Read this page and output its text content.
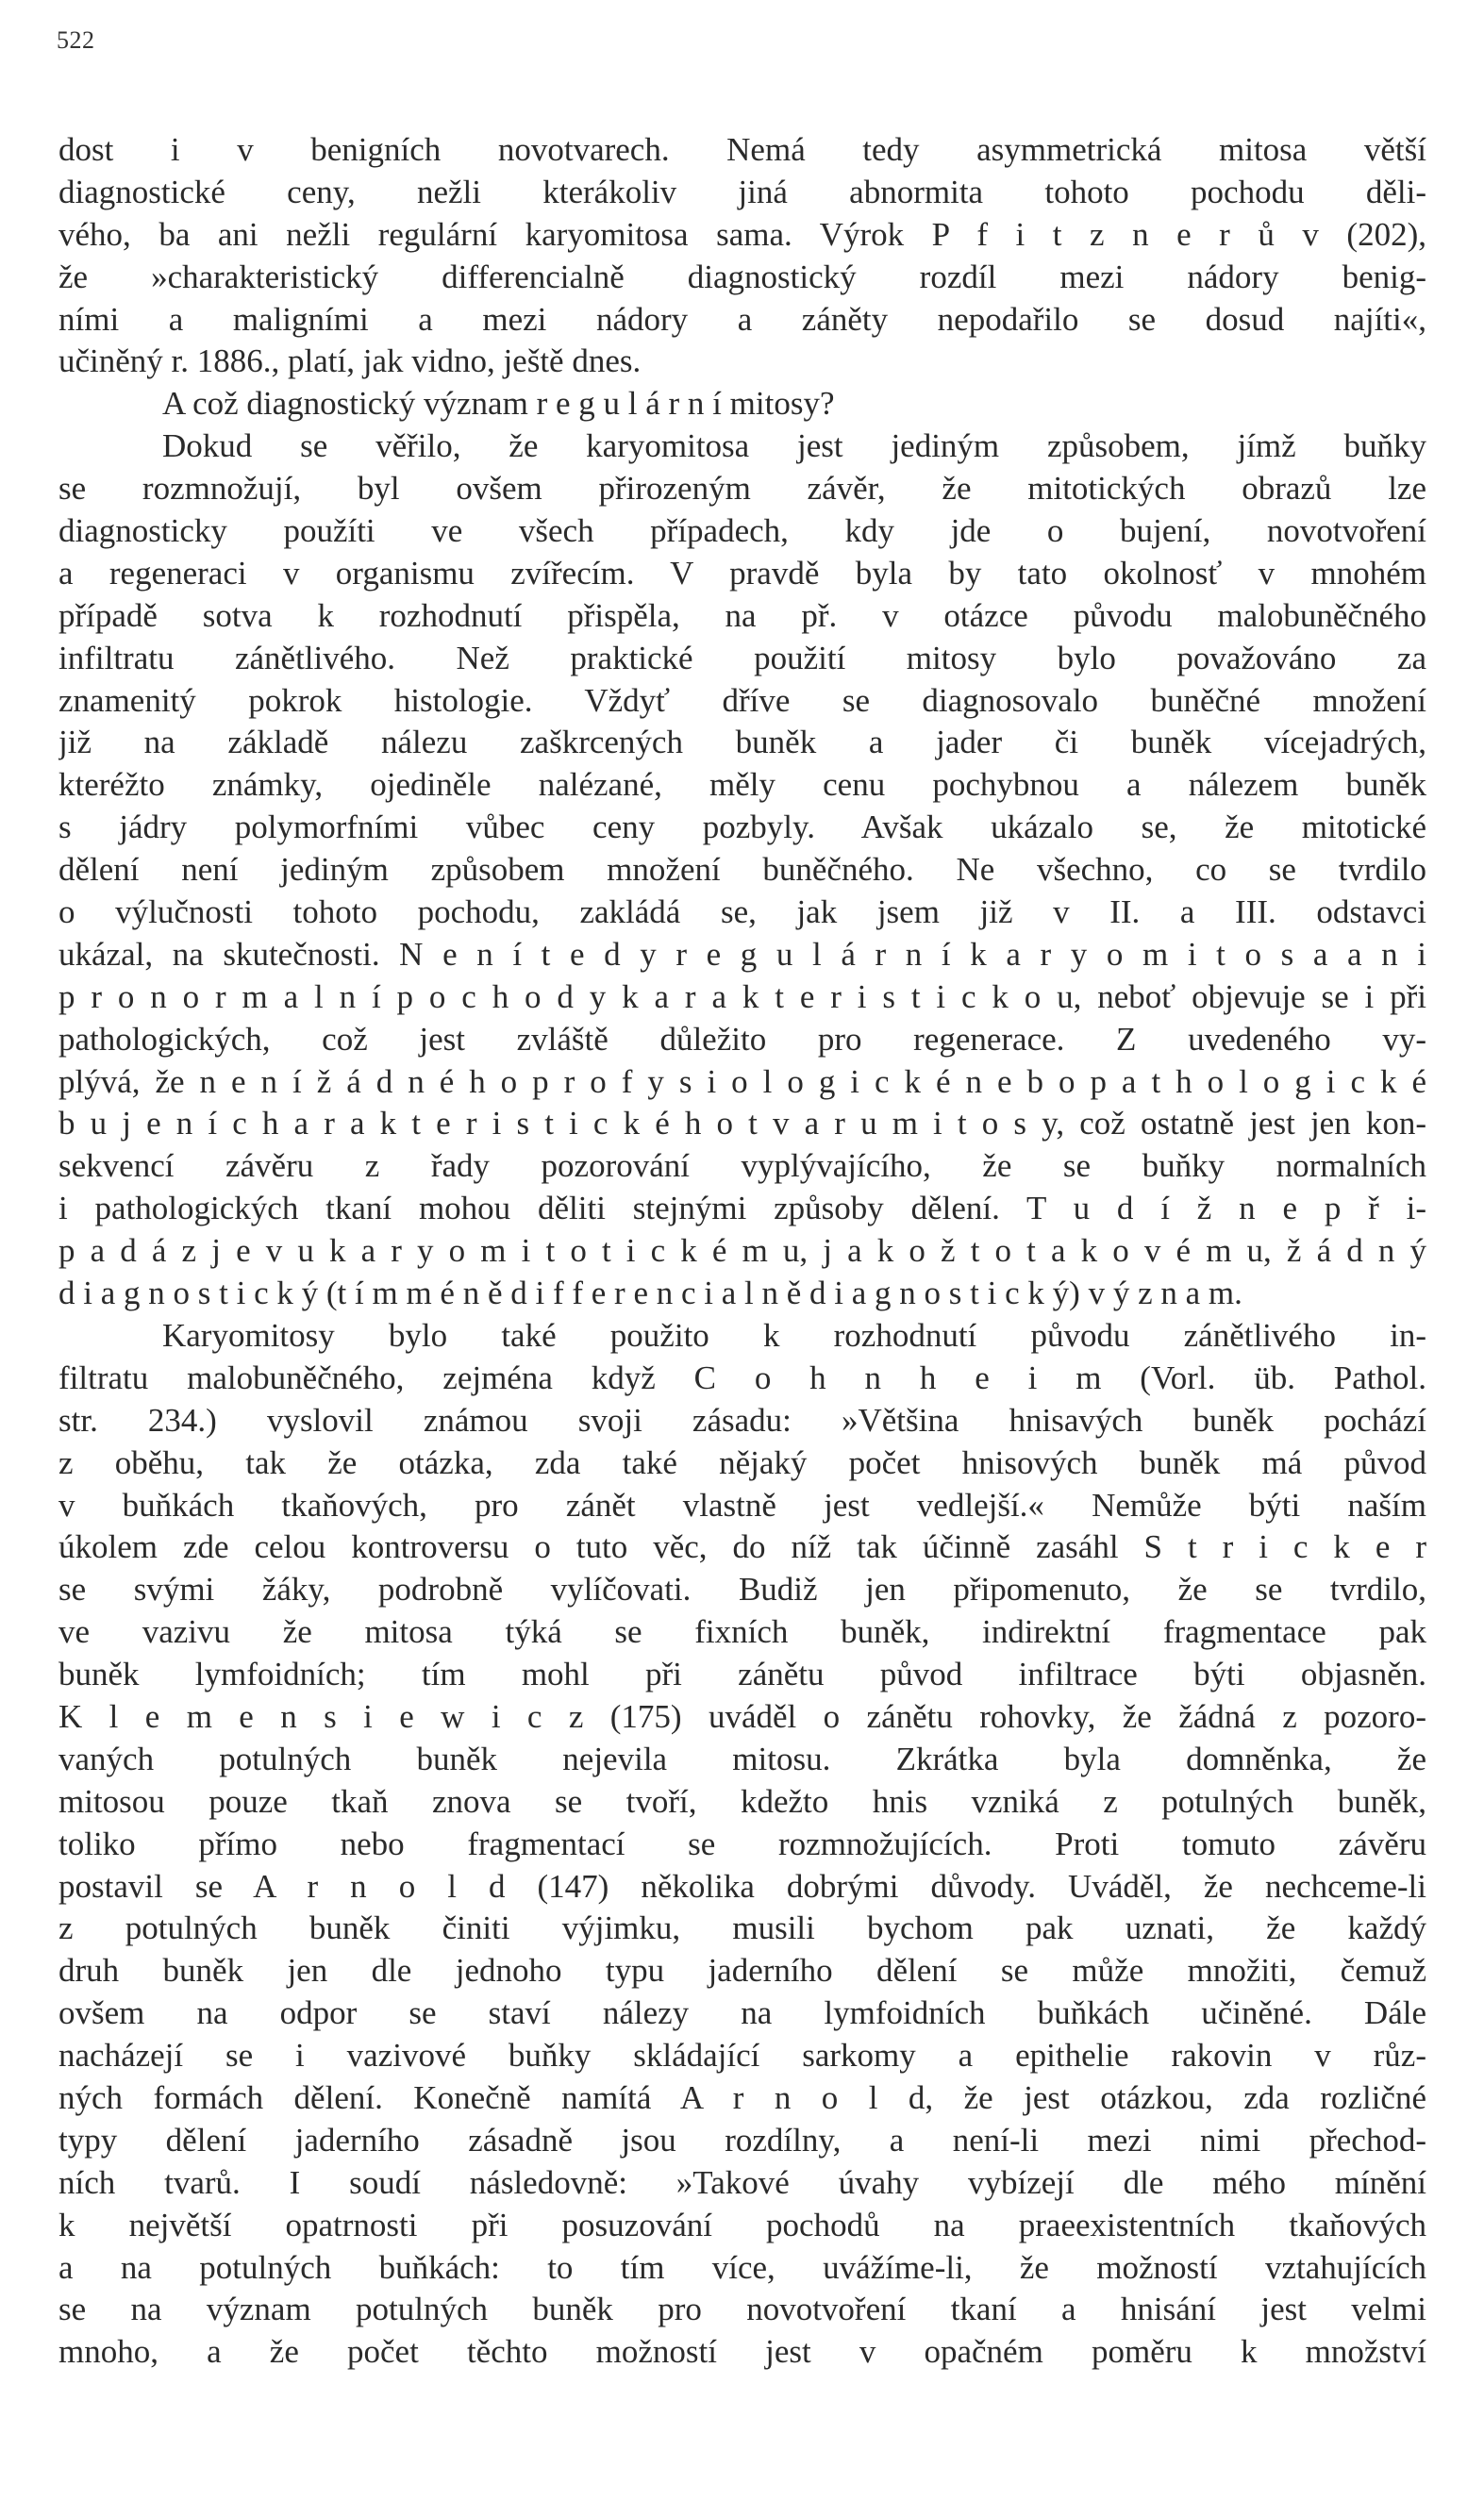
522
dost i v benigních novotvarech. Nemá tedy asymmetrická mitosa větší
diagnostické ceny, nežli kterákoliv jiná abnormita tohoto pochodu děli-
vého, ba ani nežli regulární karyomitosa sama. Výrok P f i t z n e r ů v (202),
že »charakteristický differencialně diagnostický rozdíl mezi nádory benig-
ními a maligními a mezi nádory a záněty nepodařilo se dosud najíti«,
učiněný r. 1886., platí, jak vidno, ještě dnes.
A což diagnostický význam r e g u l á r n í mitosy?
Dokud se věřilo, že karyomitosa jest jediným způsobem, jímž buňky
se rozmnožují, byl ovšem přirozeným závěr, že mitotických obrazů lze
diagnosticky použíti ve všech případech, kdy jde o bujení, novotvoření
a regeneraci v organismu zvířecím. V pravdě byla by tato okolnosť v mnohém
případě sotva k rozhodnutí přispěla, na př. v otázce původu malobuněčného
infiltratu zánětlivého. Než praktické použití mitosy bylo považováno za
znamenitý pokrok histologie. Vždyť dříve se diagnosovalo buněčné množení
již na základě nálezu zaškrcených buněk a jader či buněk vícejadrých,
kteréžto známky, ojediněle nalézané, měly cenu pochybnou a nálezem buněk
s jádry polymorfními vůbec ceny pozbyly. Avšak ukázalo se, že mitotické
dělení není jediným způsobem množení buněčného. Ne všechno, co se tvrdilo
o výlučnosti tohoto pochodu, zakládá se, jak jsem již v II. a III. odstavci
ukázal, na skutečnosti. N e n í t e d y r e g u l á r n í k a r y o m i t o s a a n i
p r o n o r m a l n í p o c h o d y k a r a k t e r i s t i c k o u, neboť objevuje se i při
pathologických, což jest zvláště důležito pro regenerace. Z uvedeného vy-
plývá, že n e n í ž á d n é h o p r o f y s i o l o g i c k é n e b o p a t h o l o g i c k é
b u j e n í c h a r a k t e r i s t i c k é h o t v a r u m i t o s y, což ostatně jest jen kon-
sekvencí závěru z řady pozorování vyplývajícího, že se buňky normalních
i pathologických tkaní mohou děliti stejnými způsoby dělení. T u d í ž n e p ř i-
p a d á z j e v u k a r y o m i t o t i c k é m u, j a k o ž t o t a k o v é m u, ž á d n ý
d i a g n o s t i c k ý (t í m m é n ě d i f f e r e n c i a l n ě d i a g n o s t i c k ý) v ý z n a m.
Karyomitosy bylo také použito k rozhodnutí původu zánětlivého in-
filtratu malobuněčného, zejména když C o h n h e i m (Vorl. üb. Pathol.
str. 234.) vyslovil známou svoji zásadu: »Většina hnisavých buněk pochází
z oběhu, tak že otázka, zda také nějaký počet hnisových buněk má původ
v buňkách tkaňových, pro zánět vlastně jest vedlejší.« Nemůže býti naším
úkolem zde celou kontroversu o tuto věc, do níž tak účinně zasáhl S t r i c k e r
se svými žáky, podrobně vylíčovati. Budiž jen připomenuto, že se tvrdilo,
ve vazivu že mitosa týká se fixních buněk, indirektní fragmentace pak
buněk lymfoidních; tím mohl při zánětu původ infiltrace býti objasněn.
K l e m e n s i e w i c z (175) uváděl o zánětu rohovky, že žádná z pozoro-
vaných potulných buněk nejevila mitosu. Zkrátka byla domněnka, že
mitosou pouze tkaň znova se tvoří, kdežto hnis vzniká z potulných buněk,
toliko přímo nebo fragmentací se rozmnožujících. Proti tomuto závěru
postavil se A r n o l d (147) několika dobrými důvody. Uváděl, že nechceme-li
z potulných buněk činiti výjimku, musili bychom pak uznati, že každý
druh buněk jen dle jednoho typu jaderního dělení se může množiti, čemuž
ovšem na odpor se staví nálezy na lymfoidních buňkách učiněné. Dále
nacházejí se i vazivové buňky skládající sarkomy a epithelie rakovin v růz-
ných formách dělení. Konečně namítá A r n o l d, že jest otázkou, zda rozličné
typy dělení jaderního zásadně jsou rozdílny, a není-li mezi nimi přechod-
ních tvarů. I soudí následovně: »Takové úvahy vybízejí dle mého mínění
k největší opatrnosti při posuzování pochodů na praeexistentních tkaňových
a na potulných buňkách: to tím více, uvážíme-li, že možností vztahujících
se na význam potulných buněk pro novotvoření tkaní a hnisání jest velmi
mnoho, a že počet těchto možností jest v opačném poměru k množství
